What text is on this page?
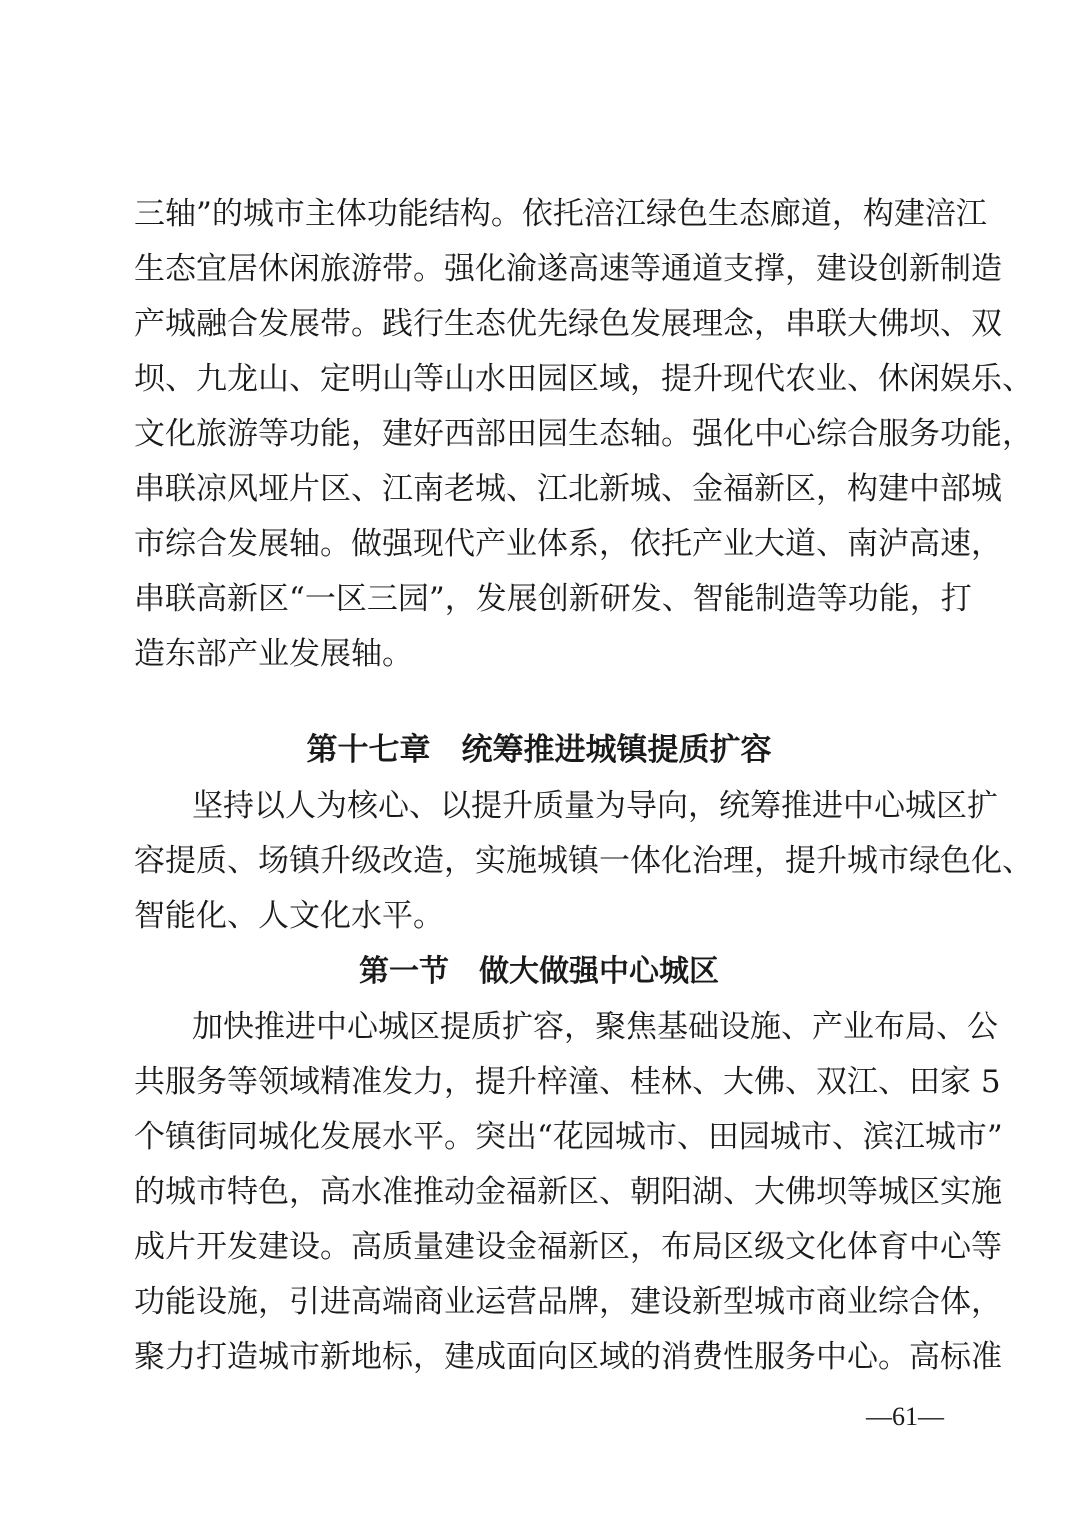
三轴”的城市主体功能结构。依托涪江绿色生态廊道，构建涪江
生态宜居休闲旅游带。强化渝遂高速等通道支撑，建设创新制造
产城融合发展带。践行生态优先绿色发展理念，串联大佛坝、双
坝、九龙山、定明山等山水田园区域，提升现代农业、休闲娱乐、
文化旅游等功能，建好西部田园生态轴。强化中心综合服务功能，
串联凉风垭片区、江南老城、江北新城、金福新区，构建中部城
市综合发展轴。做强现代产业体系，依托产业大道、南泸高速，
串联高新区“一区三园”，发展创新研发、智能制造等功能，打
造东部产业发展轴。
第十七章　统筹推进城镇提质扩容
坚持以人为核心、以提升质量为导向，统筹推进中心城区扩
容提质、场镇升级改造，实施城镇一体化治理，提升城市绿色化、
智能化、人文化水平。
第一节　做大做强中心城区
加快推进中心城区提质扩容，聚焦基础设施、产业布局、公
共服务等领域精准发力，提升梓潼、桂林、大佛、双江、田家 5
个镇街同城化发展水平。突出“花园城市、田园城市、滨江城市”
的城市特色，高水准推动金福新区、朝阳湖、大佛坝等城区实施
成片开发建设。高质量建设金福新区，布局区级文化体育中心等
功能设施，引进高端商业运营品牌，建设新型城市商业综合体，
聚力打造城市新地标，建成面向区域的消费性服务中心。高标准
—61—
